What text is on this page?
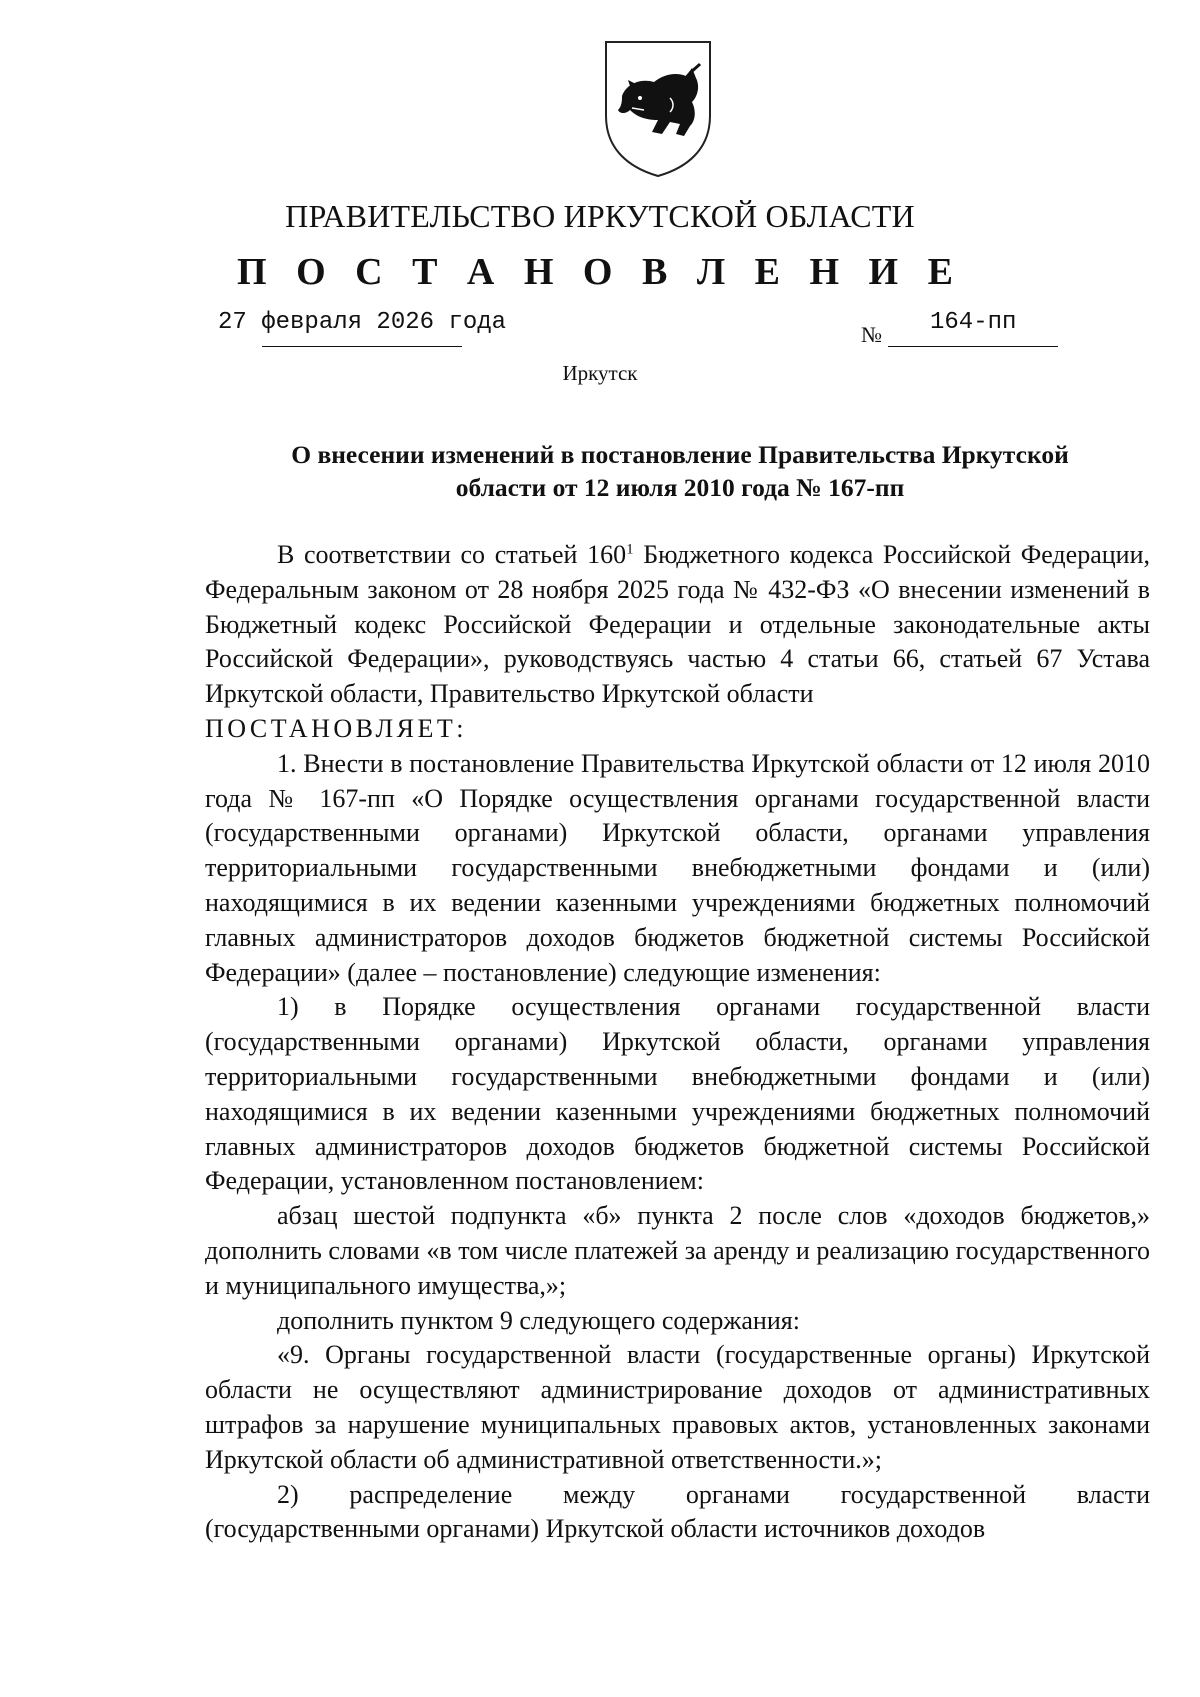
ПРАВИТЕЛЬСТВО ИРКУТСКОЙ ОБЛАСТИ
П О С Т А Н О В Л Е Н И Е
27 февраля 2026 года	№ 164-пп
Иркутск
О внесении изменений в постановление Правительства Иркутской
области от 12 июля 2010 года № 167-пп

В соответствии со статьей $160^1$ Бюджетного кодекса Российской Федерации, Федеральным законом от 28 ноября 2025 года № 432-ФЗ «О внесении изменений в Бюджетный кодекс Российской Федерации и отдельные законодательные акты Российской Федерации», руководствуясь частью 4 статьи 66, статьей 67 Устава Иркутской области, Правительство Иркутской области

ПОСТАНОВЛЯЕТ:

1. Внести в постановление Правительства Иркутской области от 12 июля 2010 года № 167-пп «О Порядке осуществления органами государственной власти (государственными органами) Иркутской области, органами управления территориальными государственными внебюджетными фондами и (или) находящимися в их ведении казенными учреждениями бюджетных полномочий главных администраторов доходов бюджетов бюджетной системы Российской Федерации» (далее – постановление) следующие изменения:

1) в Порядке осуществления органами государственной власти (государственными органами) Иркутской области, органами управления территориальными государственными внебюджетными фондами и (или) находящимися в их ведении казенными учреждениями бюджетных полномочий главных администраторов доходов бюджетов бюджетной системы Российской Федерации, установленном постановлением:

абзац шестой подпункта «б» пункта 2 после слов «доходов бюджетов,» дополнить словами «в том числе платежей за аренду и реализацию государственного и муниципального имущества,»;

дополнить пунктом 9 следующего содержания:

«9. Органы государственной власти (государственные органы) Иркутской области не осуществляют администрирование доходов от административных штрафов за нарушение муниципальных правовых актов, установленных законами Иркутской области об административной ответственности.»;

2) распределение между органами государственной власти (государственными органами) Иркутской области источников доходов
